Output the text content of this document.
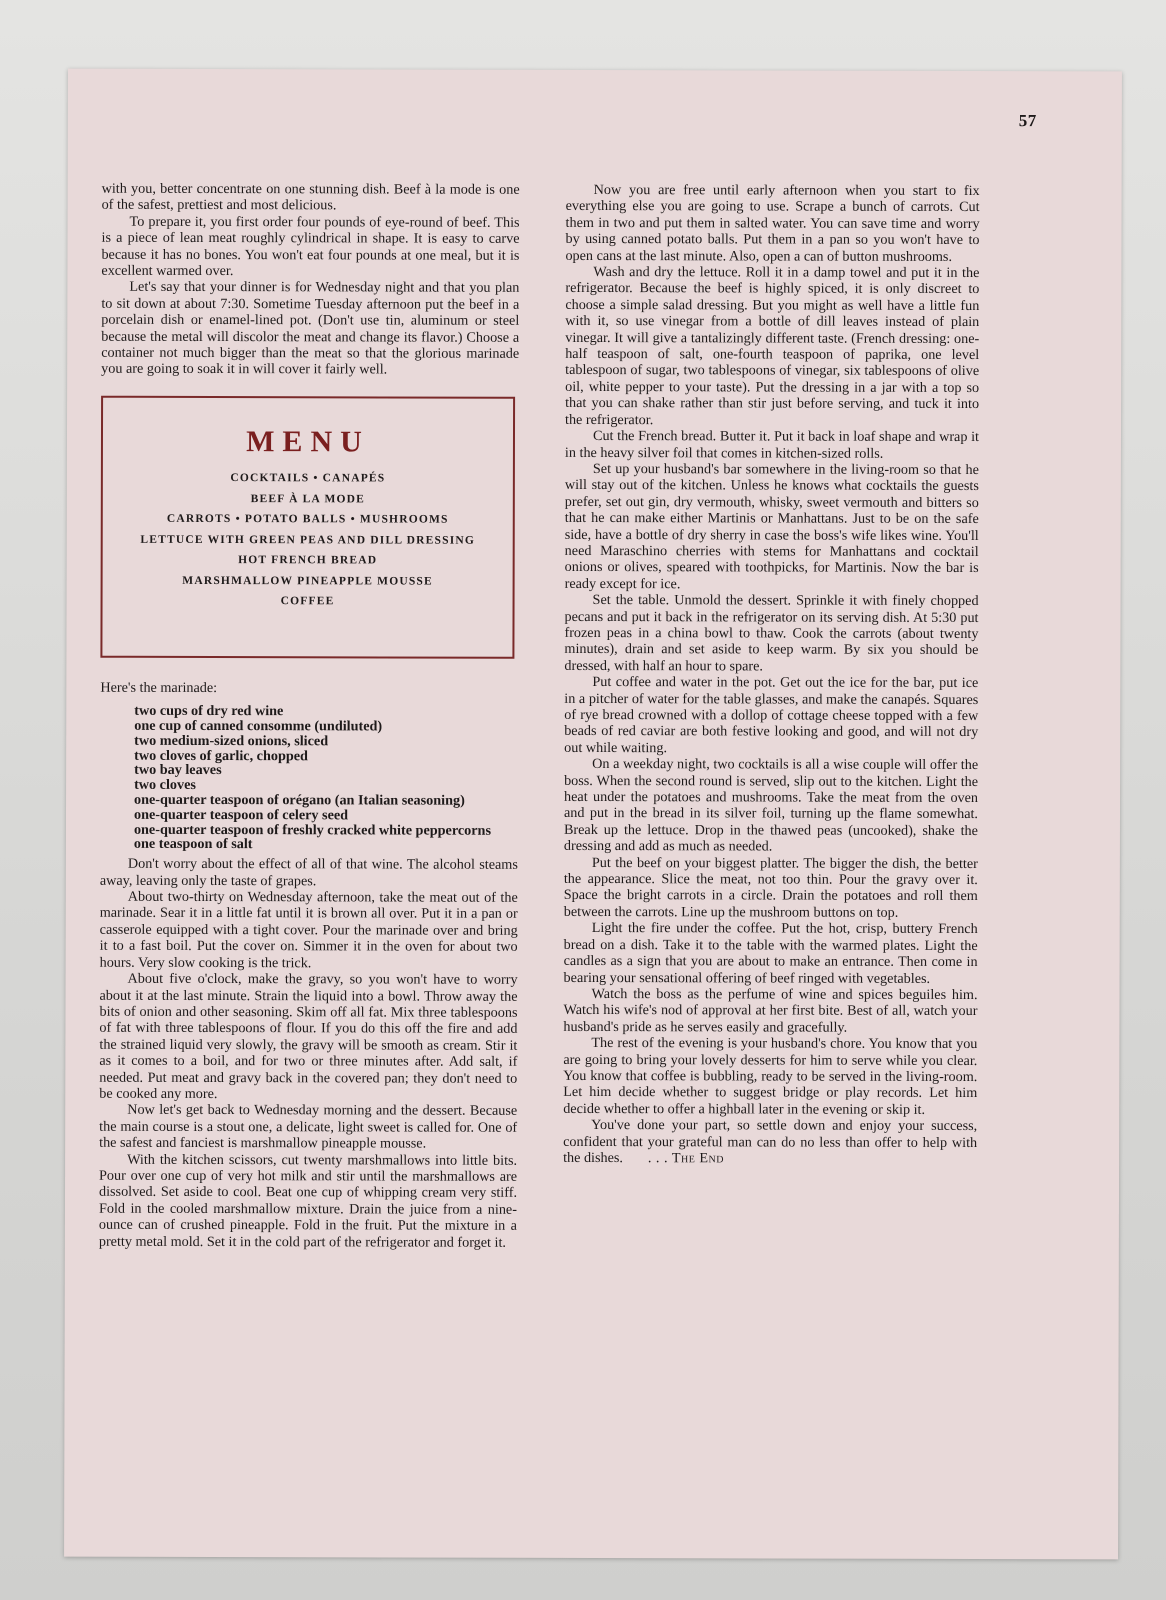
57

with you, better concentrate on one stunning dish. Beef à la mode is one of the safest, prettiest and most delicious.

To prepare it, you first order four pounds of eye-round of beef. This is a piece of lean meat roughly cylindrical in shape. It is easy to carve because it has no bones. You won't eat four pounds at one meal, but it is excellent warmed over.

Let's say that your dinner is for Wednesday night and that you plan to sit down at about 7:30. Sometime Tuesday afternoon put the beef in a porcelain dish or enamel-lined pot. (Don't use tin, aluminum or steel because the metal will discolor the meat and change its flavor.) Choose a container not much bigger than the meat so that the glorious marinade you are going to soak it in will cover it fairly well.

MENU
COCKTAILS • CANAPÉS
BEEF À LA MODE
CARROTS • POTATO BALLS • MUSHROOMS
LETTUCE WITH GREEN PEAS AND DILL DRESSING
HOT FRENCH BREAD
MARSHMALLOW PINEAPPLE MOUSSE
COFFEE

Here's the marinade:

two cups of dry red wine
one cup of canned consomme (undiluted)
two medium-sized onions, sliced
two cloves of garlic, chopped
two bay leaves
two cloves
one-quarter teaspoon of orégano (an Italian seasoning)
one-quarter teaspoon of celery seed
one-quarter teaspoon of freshly cracked white peppercorns
one teaspoon of salt

Don't worry about the effect of all of that wine. The alcohol steams away, leaving only the taste of grapes.

About two-thirty on Wednesday afternoon, take the meat out of the marinade. Sear it in a little fat until it is brown all over. Put it in a pan or casserole equipped with a tight cover. Pour the marinade over and bring it to a fast boil. Put the cover on. Simmer it in the oven for about two hours. Very slow cooking is the trick.

About five o'clock, make the gravy, so you won't have to worry about it at the last minute. Strain the liquid into a bowl. Throw away the bits of onion and other seasoning. Skim off all fat. Mix three tablespoons of fat with three tablespoons of flour. If you do this off the fire and add the strained liquid very slowly, the gravy will be smooth as cream. Stir it as it comes to a boil, and for two or three minutes after. Add salt, if needed. Put meat and gravy back in the covered pan; they don't need to be cooked any more.

Now let's get back to Wednesday morning and the dessert. Because the main course is a stout one, a delicate, light sweet is called for. One of the safest and fanciest is marshmallow pineapple mousse.

With the kitchen scissors, cut twenty marshmallows into little bits. Pour over one cup of very hot milk and stir until the marshmallows are dissolved. Set aside to cool. Beat one cup of whipping cream very stiff. Fold in the cooled marshmallow mixture. Drain the juice from a nine-ounce can of crushed pineapple. Fold in the fruit. Put the mixture in a pretty metal mold. Set it in the cold part of the refrigerator and forget it.

Now you are free until early afternoon when you start to fix everything else you are going to use. Scrape a bunch of carrots. Cut them in two and put them in salted water. You can save time and worry by using canned potato balls. Put them in a pan so you won't have to open cans at the last minute. Also, open a can of button mushrooms.

Wash and dry the lettuce. Roll it in a damp towel and put it in the refrigerator. Because the beef is highly spiced, it is only discreet to choose a simple salad dressing. But you might as well have a little fun with it, so use vinegar from a bottle of dill leaves instead of plain vinegar. It will give a tantalizingly different taste. (French dressing: one-half teaspoon of salt, one-fourth teaspoon of paprika, one level tablespoon of sugar, two tablespoons of vinegar, six tablespoons of olive oil, white pepper to your taste). Put the dressing in a jar with a top so that you can shake rather than stir just before serving, and tuck it into the refrigerator.

Cut the French bread. Butter it. Put it back in loaf shape and wrap it in the heavy silver foil that comes in kitchen-sized rolls.

Set up your husband's bar somewhere in the living-room so that he will stay out of the kitchen. Unless he knows what cocktails the guests prefer, set out gin, dry vermouth, whisky, sweet vermouth and bitters so that he can make either Martinis or Manhattans. Just to be on the safe side, have a bottle of dry sherry in case the boss's wife likes wine. You'll need Maraschino cherries with stems for Manhattans and cocktail onions or olives, speared with toothpicks, for Martinis. Now the bar is ready except for ice.

Set the table. Unmold the dessert. Sprinkle it with finely chopped pecans and put it back in the refrigerator on its serving dish. At 5:30 put frozen peas in a china bowl to thaw. Cook the carrots (about twenty minutes), drain and set aside to keep warm. By six you should be dressed, with half an hour to spare.

Put coffee and water in the pot. Get out the ice for the bar, put ice in a pitcher of water for the table glasses, and make the canapés. Squares of rye bread crowned with a dollop of cottage cheese topped with a few beads of red caviar are both festive looking and good, and will not dry out while waiting.

On a weekday night, two cocktails is all a wise couple will offer the boss. When the second round is served, slip out to the kitchen. Light the heat under the potatoes and mushrooms. Take the meat from the oven and put in the bread in its silver foil, turning up the flame somewhat. Break up the lettuce. Drop in the thawed peas (uncooked), shake the dressing and add as much as needed.

Put the beef on your biggest platter. The bigger the dish, the better the appearance. Slice the meat, not too thin. Pour the gravy over it. Space the bright carrots in a circle. Drain the potatoes and roll them between the carrots. Line up the mushroom buttons on top.

Light the fire under the coffee. Put the hot, crisp, buttery French bread on a dish. Take it to the table with the warmed plates. Light the candles as a sign that you are about to make an entrance. Then come in bearing your sensational offering of beef ringed with vegetables.

Watch the boss as the perfume of wine and spices beguiles him. Watch his wife's nod of approval at her first bite. Best of all, watch your husband's pride as he serves easily and gracefully.

The rest of the evening is your husband's chore. You know that you are going to bring your lovely desserts for him to serve while you clear. You know that coffee is bubbling, ready to be served in the living-room. Let him decide whether to suggest bridge or play records. Let him decide whether to offer a highball later in the evening or skip it.

You've done your part, so settle down and enjoy your success, confident that your grateful man can do no less than offer to help with the dishes. . . . The End
